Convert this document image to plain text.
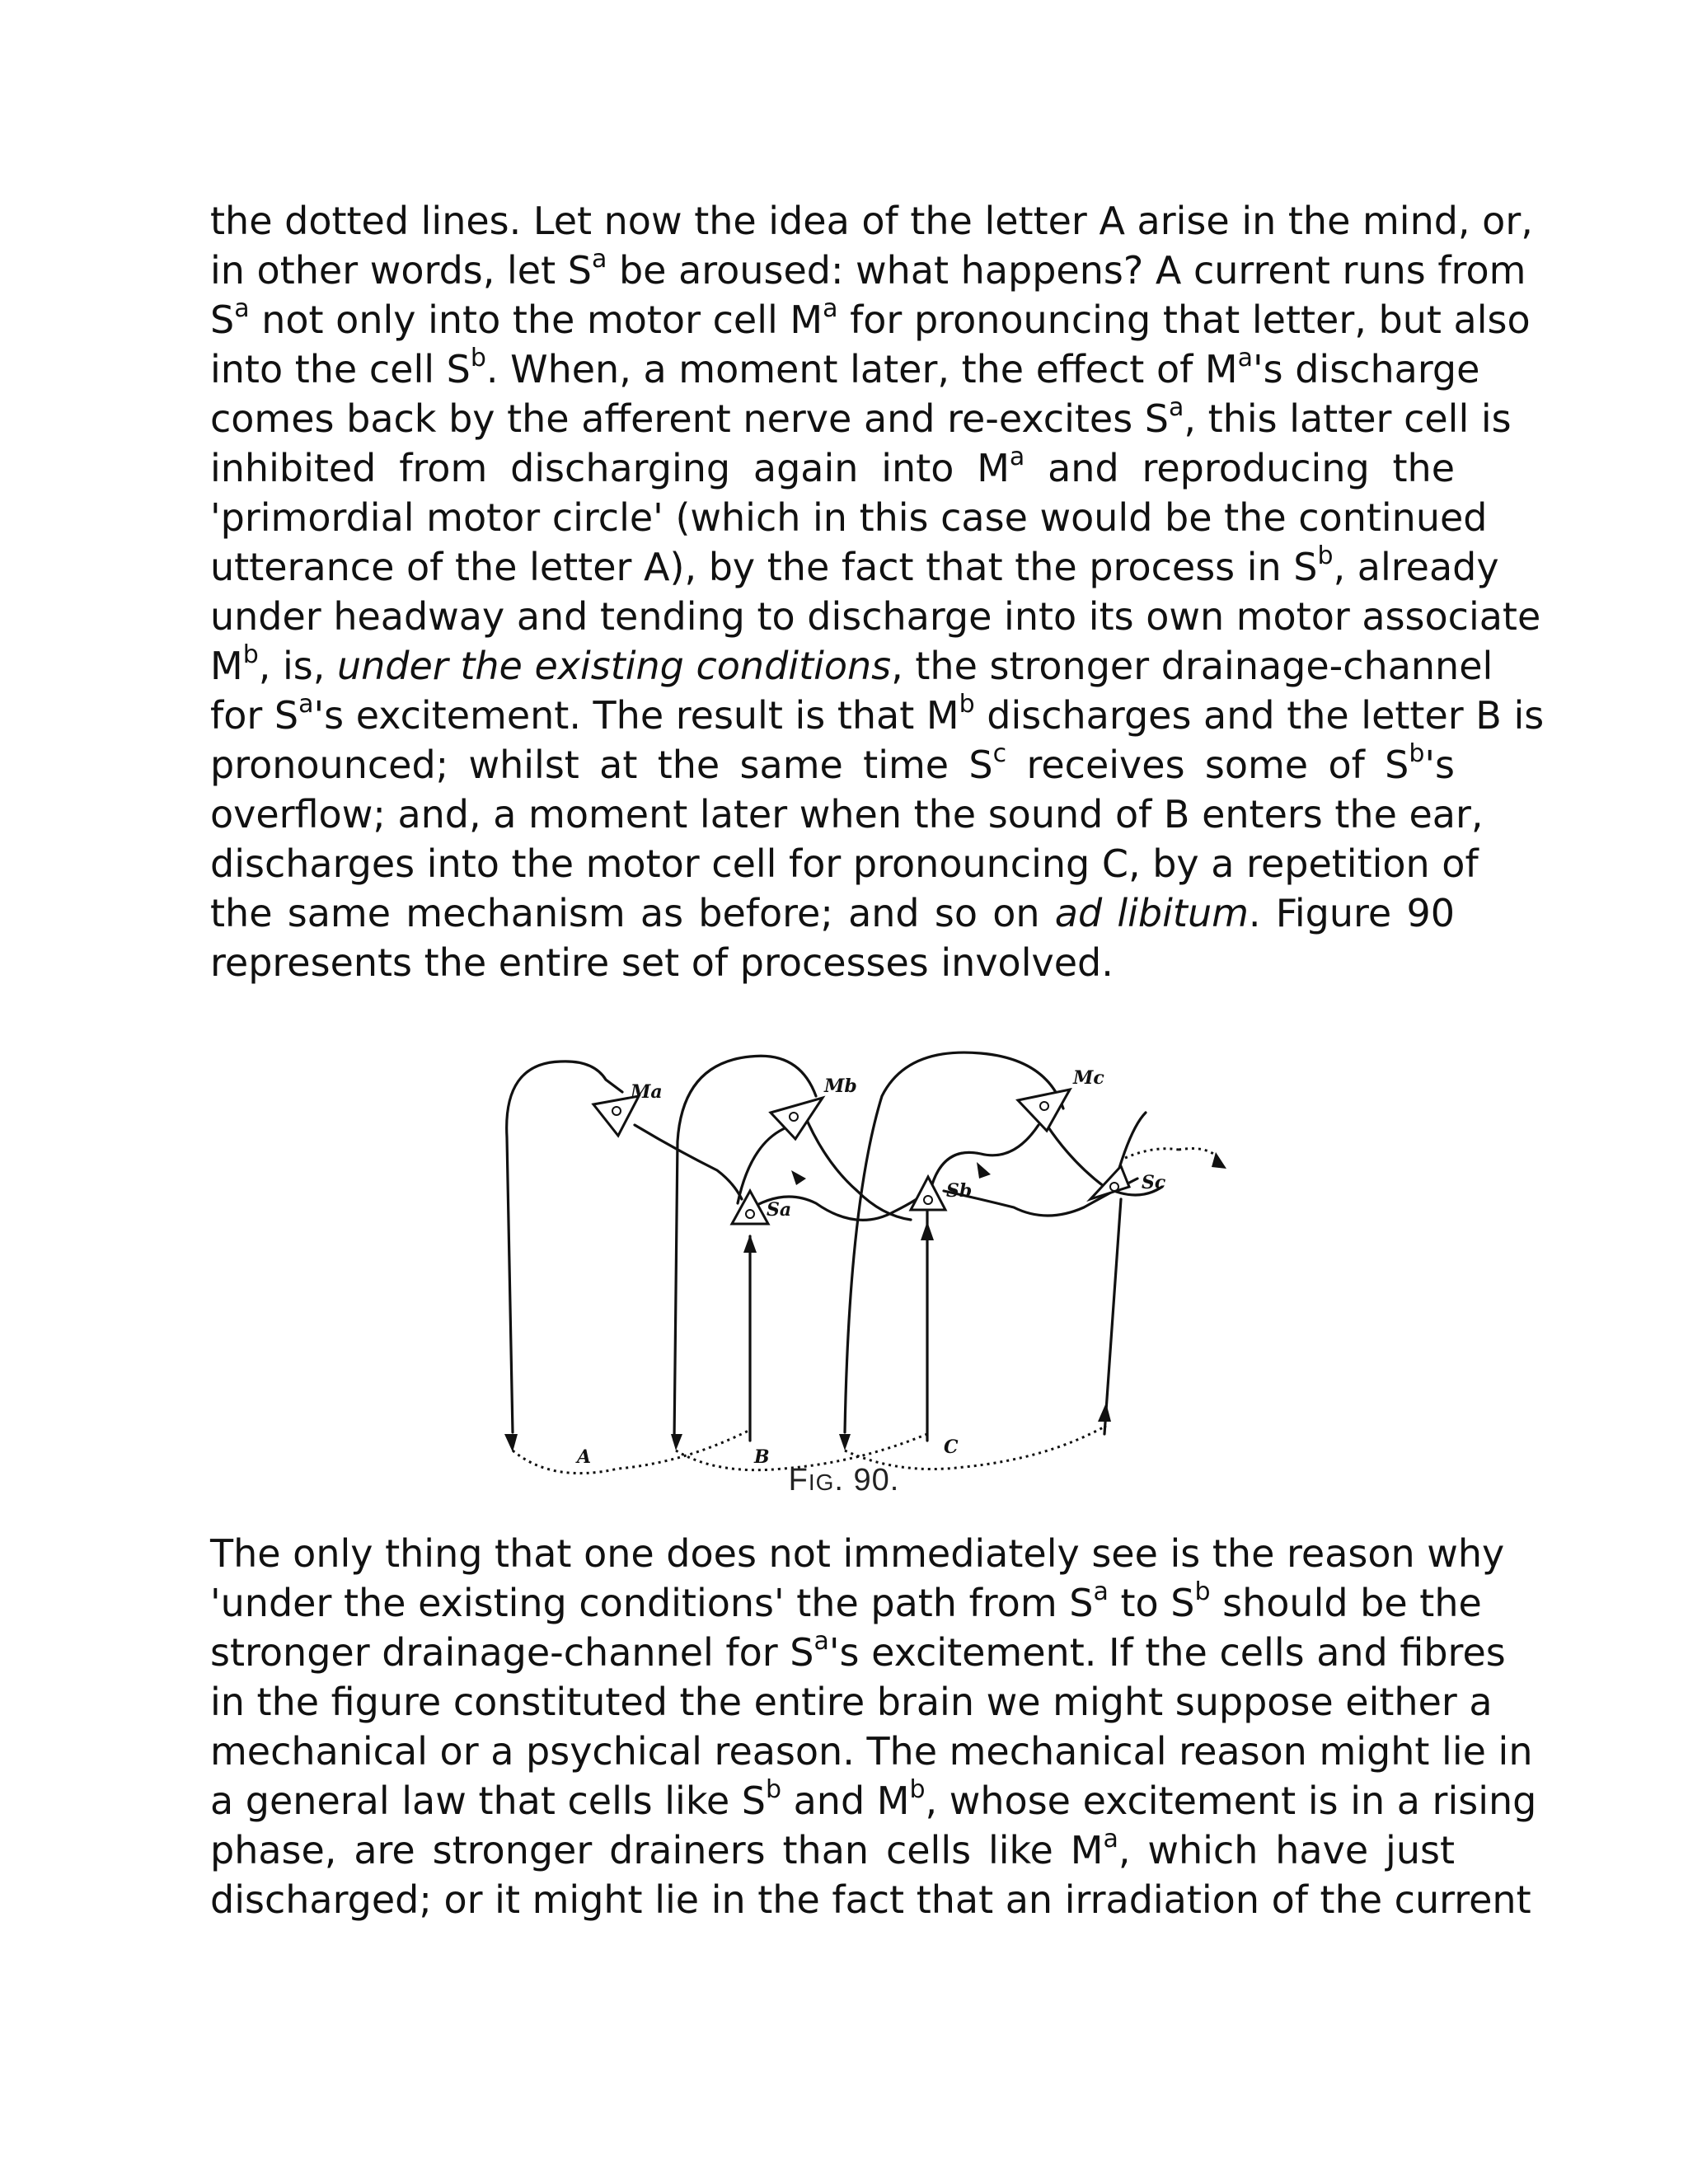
the dotted lines. Let now the idea of the letter A arise in the mind, or,
in other words, let $S^a$ be aroused: what happens? A current runs from
$S^a$ not only into the motor cell $M^a$ for pronouncing that letter, but also
into the cell $S^b$. When, a moment later, the effect of $M^a's$ discharge
comes back by the afferent nerve and re-excites $S^a$, this latter cell is
inhibited from discharging again into $M^a$ and reproducing the
'primordial motor circle' (which in this case would be the continued
utterance of the letter A), by the fact that the process in $S^b$, already
under headway and tending to discharge into its own motor associate
$M^b$, is, under the existing conditions, the stronger drainage-channel
for $S^a's$ excitement. The result is that $M^b$ discharges and the letter B is
pronounced; whilst at the same time $S^c$ receives some of $S^b's$
overflow; and, a moment later when the sound of B enters the ear,
discharges into the motor cell for pronouncing C, by a repetition of
the same mechanism as before; and so on ad libitum. Figure 90
represents the entire set of processes involved.
Ma	Mb	Mc
Sa
Sb	Sc
A	B	C
FIG. 90.
The only thing that one does not immediately see is the reason why
'under the existing conditions' the path from $S^a$ to $S^b$ should be the
stronger drainage-channel for $S^a's$ excitement. If the cells and fibres
in the figure constituted the entire brain we might suppose either a
mechanical or a psychical reason. The mechanical reason might lie in
a general law that cells like $S^b$ and $M^b$, whose excitement is in a rising
phase, are stronger drainers than cells like $M^a$, which have just
discharged; or it might lie in the fact that an irradiation of the current
